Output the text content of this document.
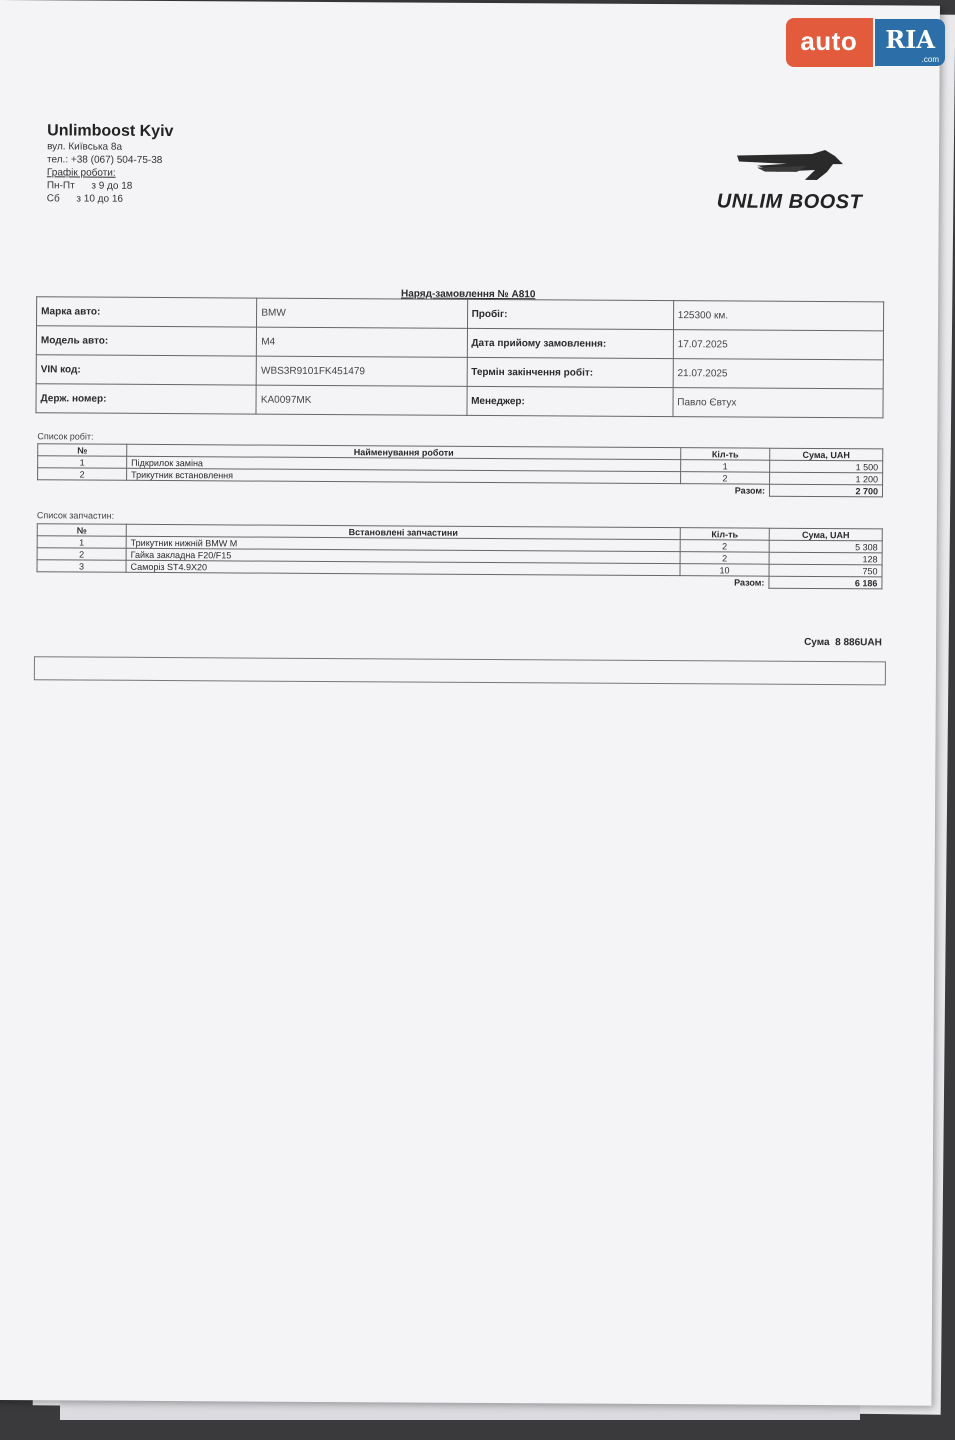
Unlimboost Kyiv
вул. Київська 8а
тел.: +38 (067) 504-75-38
Графік роботи:
Пн-Пт      з 9 до 18
Сб      з 10 до 16	UNLIM BOOST
Наряд-замовлення № А810
Марка авто:	BMW	Пробіг:	125300 км.
Модель авто:	M4	Дата прийому замовлення:	17.07.2025
VIN код:	WBS3R9101FK451479	Термін закінчення робіт:	21.07.2025
Держ. номер:	KA0097MK	Менеджер:	Павло Євтух
Список робіт:
№	Найменування роботи	Кіл-ть	Сума, UAH
1	Підкрилок заміна	1	1 500
2	Трикутник встановлення	2	1 200
		Разом:	2 700
Список запчастин:
№	Встановлені запчастини	Кіл-ть	Сума, UAH
1	Трикутник нижній BMW M	2	5 308
2	Гайка закладна F20/F15	2	128
3	Саморіз ST4.9X20	10	750
		Разом:	6 186
Сума  8 886UAH
auto	RIA
.com
